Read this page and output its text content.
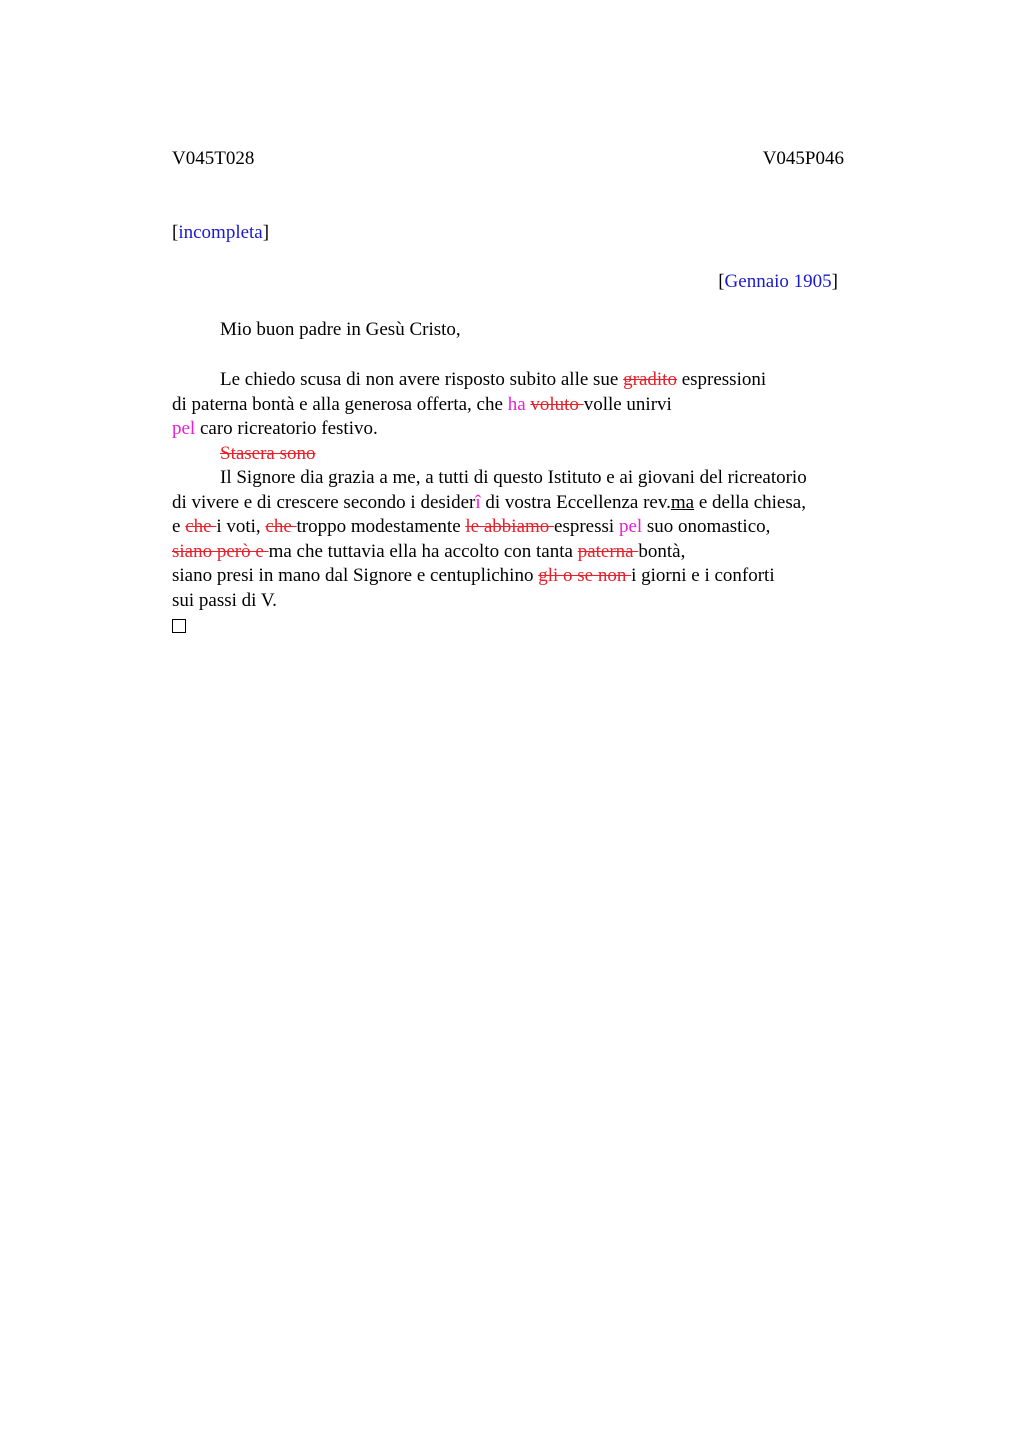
V045T028	V045P046
[incompleta]
[Gennaio 1905]
Mio buon padre in Gesù Cristo,
Le chiedo scusa di non avere risposto subito alle sue gradito espressioni
di paterna bontà e alla generosa offerta, che ha voluto volle unirvi
pel caro ricreatorio festivo.
Stasera sono
Il Signore dia grazia a me, a tutti di questo Istituto e ai giovani del ricreatorio
di vivere e di crescere secondo i desiderî di vostra Eccellenza rev.ma e della chiesa,
e che i voti, che troppo modestamente le abbiamo espressi pel suo onomastico,
siano però e ma che tuttavia ella ha accolto con tanta paterna bontà,
siano presi in mano dal Signore e centuplichino gli o se non i giorni e i conforti
sui passi di V.
